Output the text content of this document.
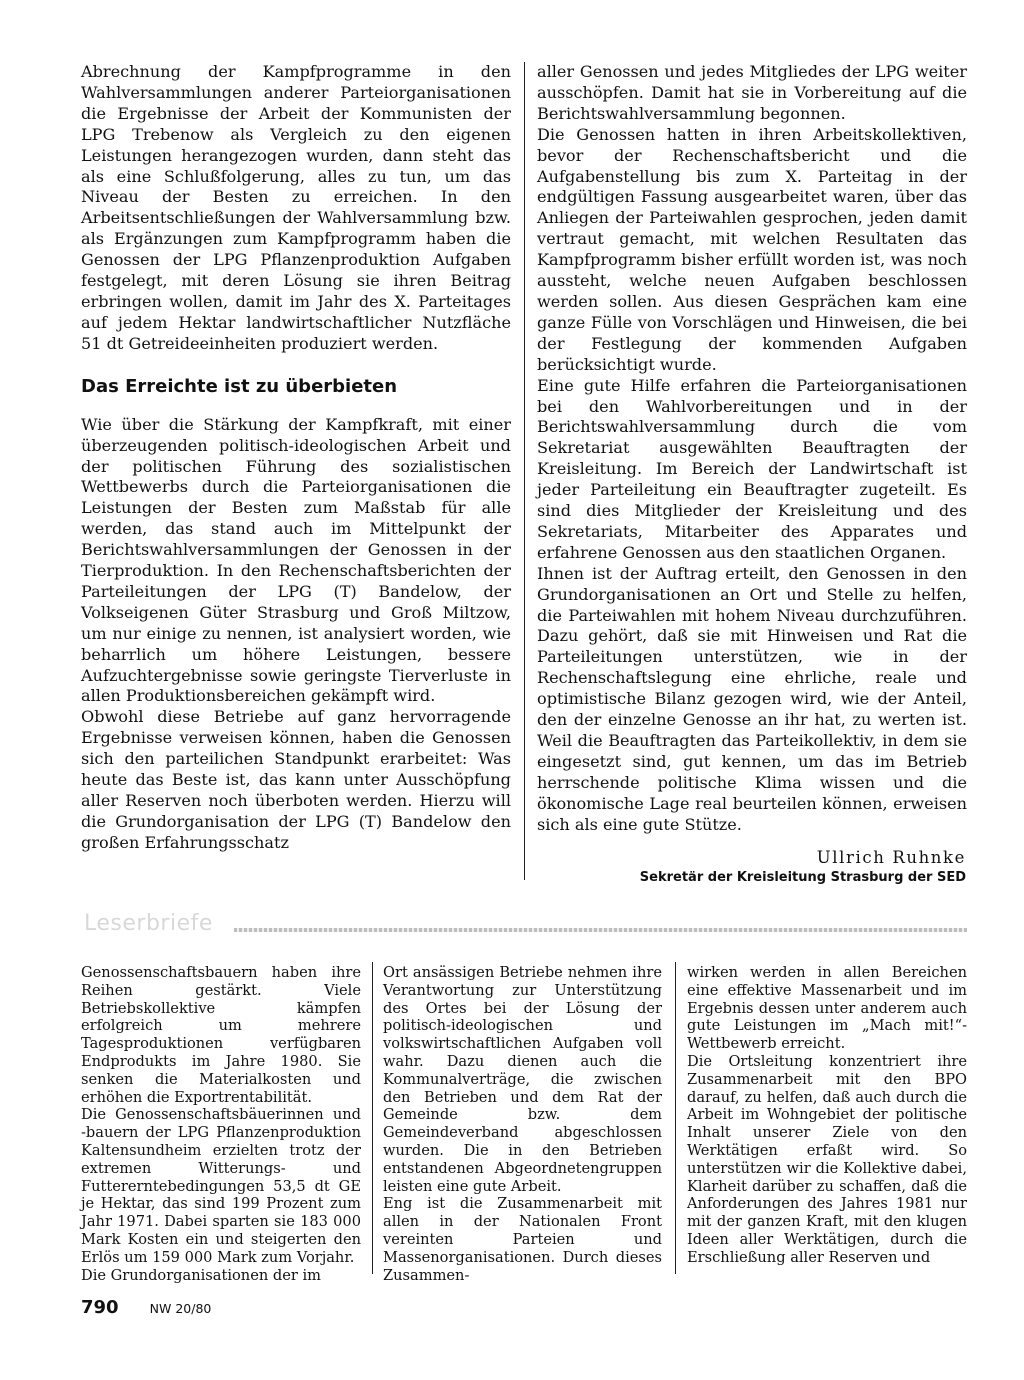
Abrechnung der Kampfprogramme in den Wahlversammlungen anderer Parteiorganisationen die Ergebnisse der Arbeit der Kommunisten der LPG Trebenow als Vergleich zu den eigenen Leistungen herangezogen wurden, dann steht das als eine Schlußfolgerung, alles zu tun, um das Niveau der Besten zu erreichen. In den Arbeitsentschließungen der Wahlversammlung bzw. als Ergänzungen zum Kampfprogramm haben die Genossen der LPG Pflanzenproduktion Aufgaben festgelegt, mit deren Lösung sie ihren Beitrag erbringen wollen, damit im Jahr des X. Parteitages auf jedem Hektar landwirtschaftlicher Nutzfläche 51 dt Getreideeinheiten produziert werden.

Das Erreichte ist zu überbieten

Wie über die Stärkung der Kampfkraft, mit einer überzeugenden politisch-ideologischen Arbeit und der politischen Führung des sozialistischen Wettbewerbs durch die Parteiorganisationen die Leistungen der Besten zum Maßstab für alle werden, das stand auch im Mittelpunkt der Berichtswahlversammlungen der Genossen in der Tierproduktion. In den Rechenschaftsberichten der Parteileitungen der LPG (T) Bandelow, der Volkseigenen Güter Strasburg und Groß Miltzow, um nur einige zu nennen, ist analysiert worden, wie beharrlich um höhere Leistungen, bessere Aufzuchtergebnisse sowie geringste Tierverluste in allen Produktionsbereichen gekämpft wird.

Obwohl diese Betriebe auf ganz hervorragende Ergebnisse verweisen können, haben die Genossen sich den parteilichen Standpunkt erarbeitet: Was heute das Beste ist, das kann unter Ausschöpfung aller Reserven noch überboten werden. Hierzu will die Grundorganisation der LPG (T) Bandelow den großen Erfahrungsschatz

aller Genossen und jedes Mitgliedes der LPG weiter ausschöpfen. Damit hat sie in Vorbereitung auf die Berichtswahlversammlung begonnen.

Die Genossen hatten in ihren Arbeitskollektiven, bevor der Rechenschaftsbericht und die Aufgabenstellung bis zum X. Parteitag in der endgültigen Fassung ausgearbeitet waren, über das Anliegen der Parteiwahlen gesprochen, jeden damit vertraut gemacht, mit welchen Resultaten das Kampfprogramm bisher erfüllt worden ist, was noch aussteht, welche neuen Aufgaben beschlossen werden sollen. Aus diesen Gesprächen kam eine ganze Fülle von Vorschlägen und Hinweisen, die bei der Festlegung der kommenden Aufgaben berücksichtigt wurde.

Eine gute Hilfe erfahren die Parteiorganisationen bei den Wahlvorbereitungen und in der Berichtswahlversammlung durch die vom Sekretariat ausgewählten Beauftragten der Kreisleitung. Im Bereich der Landwirtschaft ist jeder Parteileitung ein Beauftragter zugeteilt. Es sind dies Mitglieder der Kreisleitung und des Sekretariats, Mitarbeiter des Apparates und erfahrene Genossen aus den staatlichen Organen.

Ihnen ist der Auftrag erteilt, den Genossen in den Grundorganisationen an Ort und Stelle zu helfen, die Parteiwahlen mit hohem Niveau durchzuführen. Dazu gehört, daß sie mit Hinweisen und Rat die Parteileitungen unterstützen, wie in der Rechenschaftslegung eine ehrliche, reale und optimistische Bilanz gezogen wird, wie der Anteil, den der einzelne Genosse an ihr hat, zu werten ist. Weil die Beauftragten das Parteikollektiv, in dem sie eingesetzt sind, gut kennen, um das im Betrieb herrschende politische Klima wissen und die ökonomische Lage real beurteilen können, erweisen sich als eine gute Stütze.

Ullrich Ruhnke
Sekretär der Kreisleitung Strasburg der SED
Leserbriefe

Genossenschaftsbauern haben ihre Reihen gestärkt. Viele Betriebskollektive kämpfen erfolgreich um mehrere Tagesproduktionen verfügbaren Endprodukts im Jahre 1980. Sie senken die Materialkosten und erhöhen die Exportrentabilität.

Die Genossenschaftsbäuerinnen und -bauern der LPG Pflanzenproduktion Kaltensundheim erzielten trotz der extremen Witterungs- und Futtererntebedingungen 53,5 dt GE je Hektar, das sind 199 Prozent zum Jahr 1971. Dabei sparten sie 183 000 Mark Kosten ein und steigerten den Erlös um 159 000 Mark zum Vorjahr.

Die Grundorganisationen der im

Ort ansässigen Betriebe nehmen ihre Verantwortung zur Unterstützung des Ortes bei der Lösung der politisch-ideologischen und volkswirtschaftlichen Aufgaben voll wahr. Dazu dienen auch die Kommunalverträge, die zwischen den Betrieben und dem Rat der Gemeinde bzw. dem Gemeindeverband abgeschlossen wurden. Die in den Betrieben entstandenen Abgeordnetengruppen leisten eine gute Arbeit.

Eng ist die Zusammenarbeit mit allen in der Nationalen Front vereinten Parteien und Massenorganisationen. Durch dieses Zusammen-

wirken werden in allen Bereichen eine effektive Massenarbeit und im Ergebnis dessen unter anderem auch gute Leistungen im „Mach mit!“-Wettbewerb erreicht.

Die Ortsleitung konzentriert ihre Zusammenarbeit mit den BPO darauf, zu helfen, daß auch durch die Arbeit im Wohngebiet der politische Inhalt unserer Ziele von den Werktätigen erfaßt wird. So unterstützen wir die Kollektive dabei, Klarheit darüber zu schaffen, daß die Anforderungen des Jahres 1981 nur mit der ganzen Kraft, mit den klugen Ideen aller Werktätigen, durch die Erschließung aller Reserven und

790 NW 20/80
